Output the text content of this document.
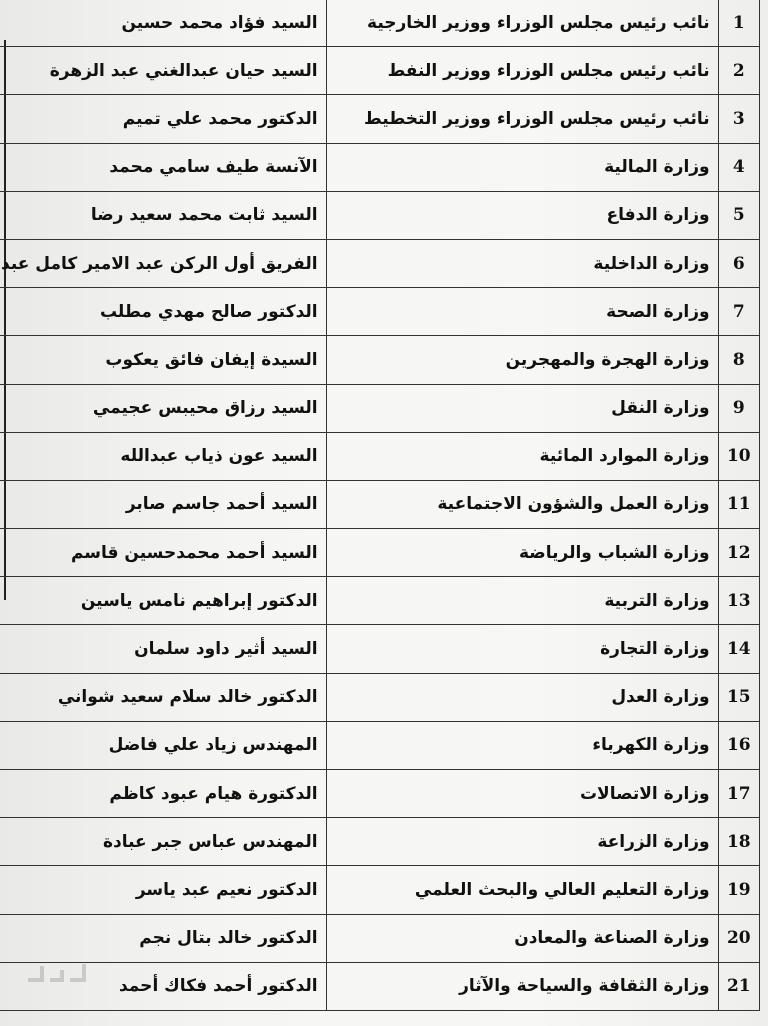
1	نائب رئيس مجلس الوزراء ووزير الخارجية	السيد فؤاد محمد حسين
2	نائب رئيس مجلس الوزراء ووزير النفط	السيد حيان عبدالغني عبد الزهرة
3	نائب رئيس مجلس الوزراء ووزير التخطيط	الدكتور محمد علي تميم
4	وزارة المالية	الآنسة طيف سامي محمد
5	وزارة الدفاع	السيد ثابت محمد سعيد رضا
6	وزارة الداخلية	الفريق أول الركن عبد الامير كامل عبد
7	وزارة الصحة	الدكتور صالح مهدي مطلب
8	وزارة الهجرة والمهجرين	السيدة إيفان فائق يعكوب
9	وزارة النقل	السيد رزاق محيبس عجيمي
10	وزارة الموارد المائية	السيد عون ذياب عبدالله
11	وزارة العمل والشؤون الاجتماعية	السيد أحمد جاسم صابر
12	وزارة الشباب والرياضة	السيد أحمد محمدحسين قاسم
13	وزارة التربية	الدكتور إبراهيم نامس ياسين
14	وزارة التجارة	السيد أثير داود سلمان
15	وزارة العدل	الدكتور خالد سلام سعيد شواني
16	وزارة الكهرباء	المهندس زياد علي فاضل
17	وزارة الاتصالات	الدكتورة هيام عبود كاظم
18	وزارة الزراعة	المهندس عباس جبر عبادة
19	وزارة التعليم العالي والبحث العلمي	الدكتور نعيم عبد ياسر
20	وزارة الصناعة والمعادن	الدكتور خالد بتال نجم
21	وزارة الثقافة والسياحة والآثار	الدكتور أحمد فكاك أحمد
